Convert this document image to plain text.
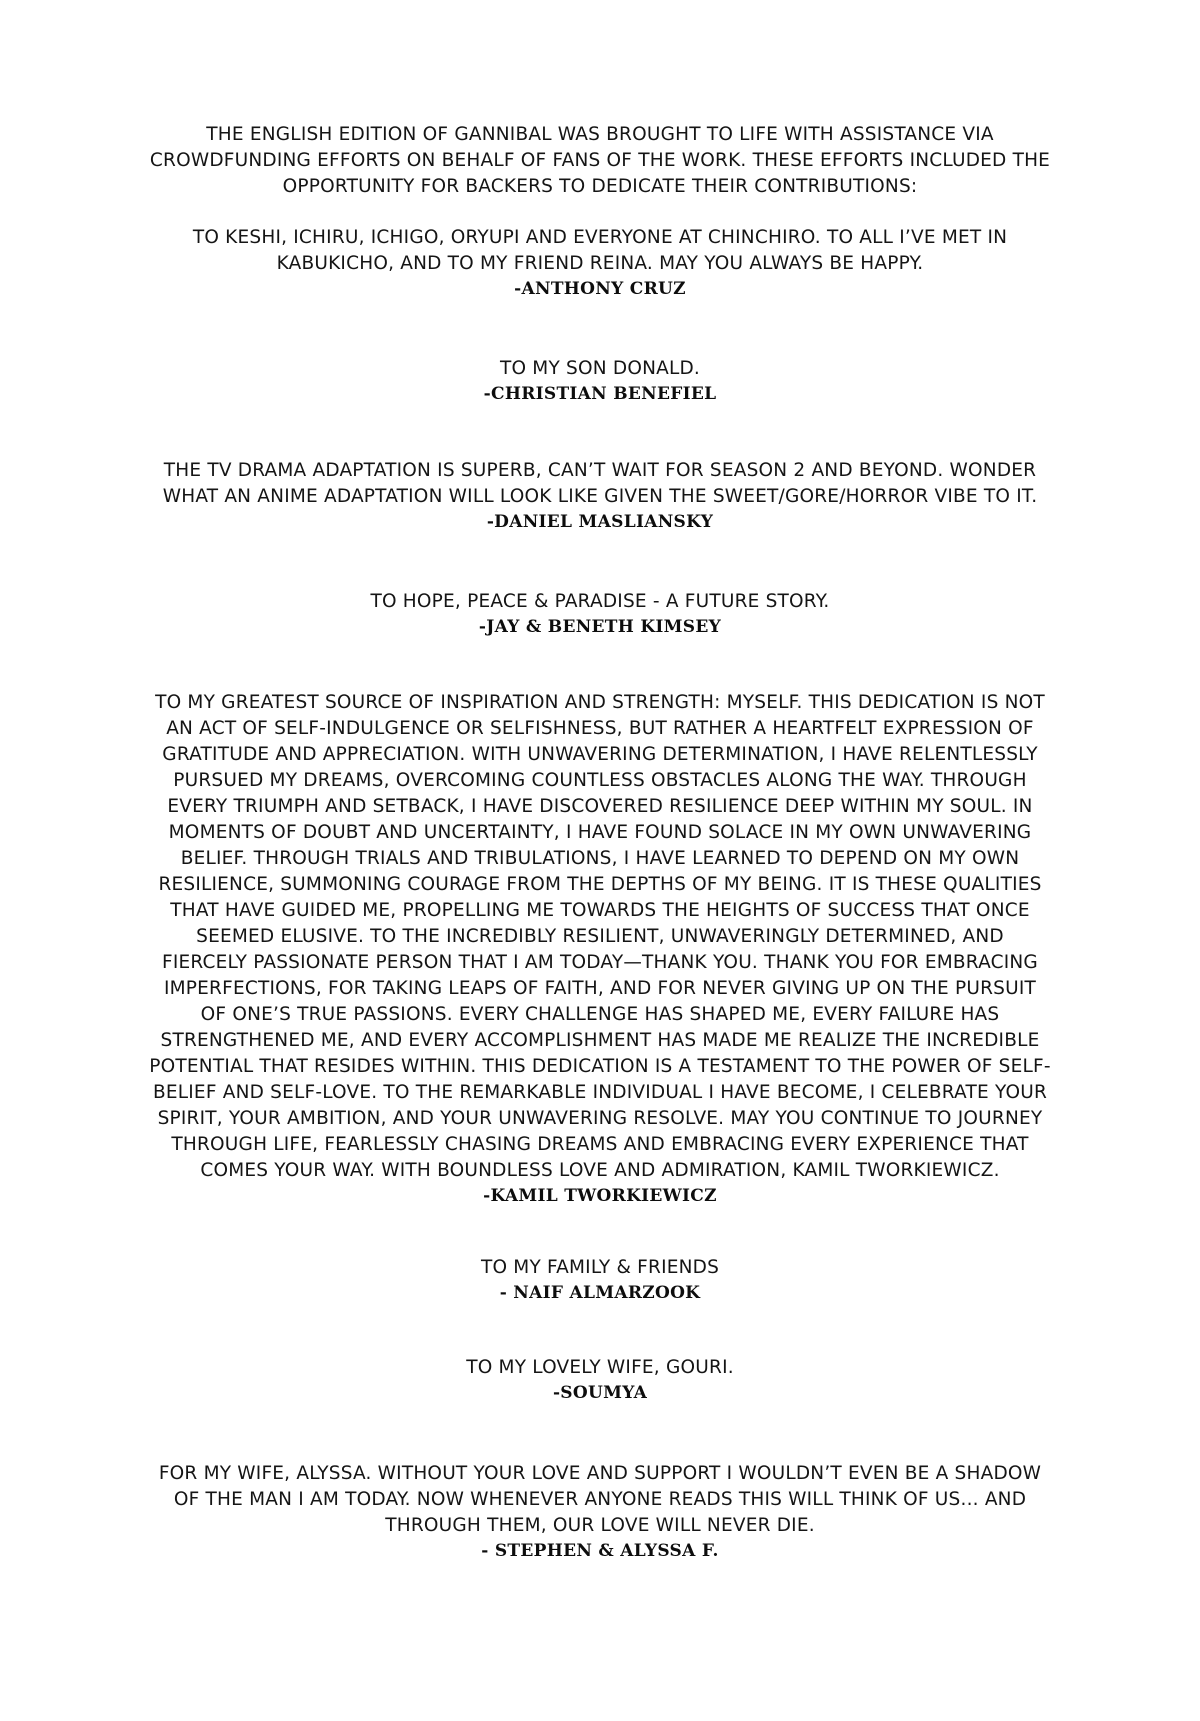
THE ENGLISH EDITION OF GANNIBAL WAS BROUGHT TO LIFE WITH ASSISTANCE VIA
CROWDFUNDING EFFORTS ON BEHALF OF FANS OF THE WORK. THESE EFFORTS INCLUDED THE
OPPORTUNITY FOR BACKERS TO DEDICATE THEIR CONTRIBUTIONS:
TO KESHI, ICHIRU, ICHIGO, ORYUPI AND EVERYONE AT CHINCHIRO. TO ALL I’VE MET IN
KABUKICHO, AND TO MY FRIEND REINA. MAY YOU ALWAYS BE HAPPY.
-ANTHONY CRUZ
TO MY SON DONALD.
-CHRISTIAN BENEFIEL
THE TV DRAMA ADAPTATION IS SUPERB, CAN’T WAIT FOR SEASON 2 AND BEYOND. WONDER
WHAT AN ANIME ADAPTATION WILL LOOK LIKE GIVEN THE SWEET/GORE/HORROR VIBE TO IT.
-DANIEL MASLIANSKY
TO HOPE, PEACE & PARADISE - A FUTURE STORY.
-JAY & BENETH KIMSEY
TO MY GREATEST SOURCE OF INSPIRATION AND STRENGTH: MYSELF. THIS DEDICATION IS NOT
AN ACT OF SELF-INDULGENCE OR SELFISHNESS, BUT RATHER A HEARTFELT EXPRESSION OF
GRATITUDE AND APPRECIATION. WITH UNWAVERING DETERMINATION, I HAVE RELENTLESSLY
PURSUED MY DREAMS, OVERCOMING COUNTLESS OBSTACLES ALONG THE WAY. THROUGH
EVERY TRIUMPH AND SETBACK, I HAVE DISCOVERED RESILIENCE DEEP WITHIN MY SOUL. IN
MOMENTS OF DOUBT AND UNCERTAINTY, I HAVE FOUND SOLACE IN MY OWN UNWAVERING
BELIEF. THROUGH TRIALS AND TRIBULATIONS, I HAVE LEARNED TO DEPEND ON MY OWN
RESILIENCE, SUMMONING COURAGE FROM THE DEPTHS OF MY BEING. IT IS THESE QUALITIES
THAT HAVE GUIDED ME, PROPELLING ME TOWARDS THE HEIGHTS OF SUCCESS THAT ONCE
SEEMED ELUSIVE. TO THE INCREDIBLY RESILIENT, UNWAVERINGLY DETERMINED, AND
FIERCELY PASSIONATE PERSON THAT I AM TODAY—THANK YOU. THANK YOU FOR EMBRACING
IMPERFECTIONS, FOR TAKING LEAPS OF FAITH, AND FOR NEVER GIVING UP ON THE PURSUIT
OF ONE’S TRUE PASSIONS. EVERY CHALLENGE HAS SHAPED ME, EVERY FAILURE HAS
STRENGTHENED ME, AND EVERY ACCOMPLISHMENT HAS MADE ME REALIZE THE INCREDIBLE
POTENTIAL THAT RESIDES WITHIN. THIS DEDICATION IS A TESTAMENT TO THE POWER OF SELF-
BELIEF AND SELF-LOVE. TO THE REMARKABLE INDIVIDUAL I HAVE BECOME, I CELEBRATE YOUR
SPIRIT, YOUR AMBITION, AND YOUR UNWAVERING RESOLVE. MAY YOU CONTINUE TO JOURNEY
THROUGH LIFE, FEARLESSLY CHASING DREAMS AND EMBRACING EVERY EXPERIENCE THAT
COMES YOUR WAY. WITH BOUNDLESS LOVE AND ADMIRATION, KAMIL TWORKIEWICZ.
-KAMIL TWORKIEWICZ
TO MY FAMILY & FRIENDS
- NAIF ALMARZOOK
TO MY LOVELY WIFE, GOURI.
-SOUMYA
FOR MY WIFE, ALYSSA. WITHOUT YOUR LOVE AND SUPPORT I WOULDN’T EVEN BE A SHADOW
OF THE MAN I AM TODAY. NOW WHENEVER ANYONE READS THIS WILL THINK OF US... AND
THROUGH THEM, OUR LOVE WILL NEVER DIE.
- STEPHEN & ALYSSA F.
